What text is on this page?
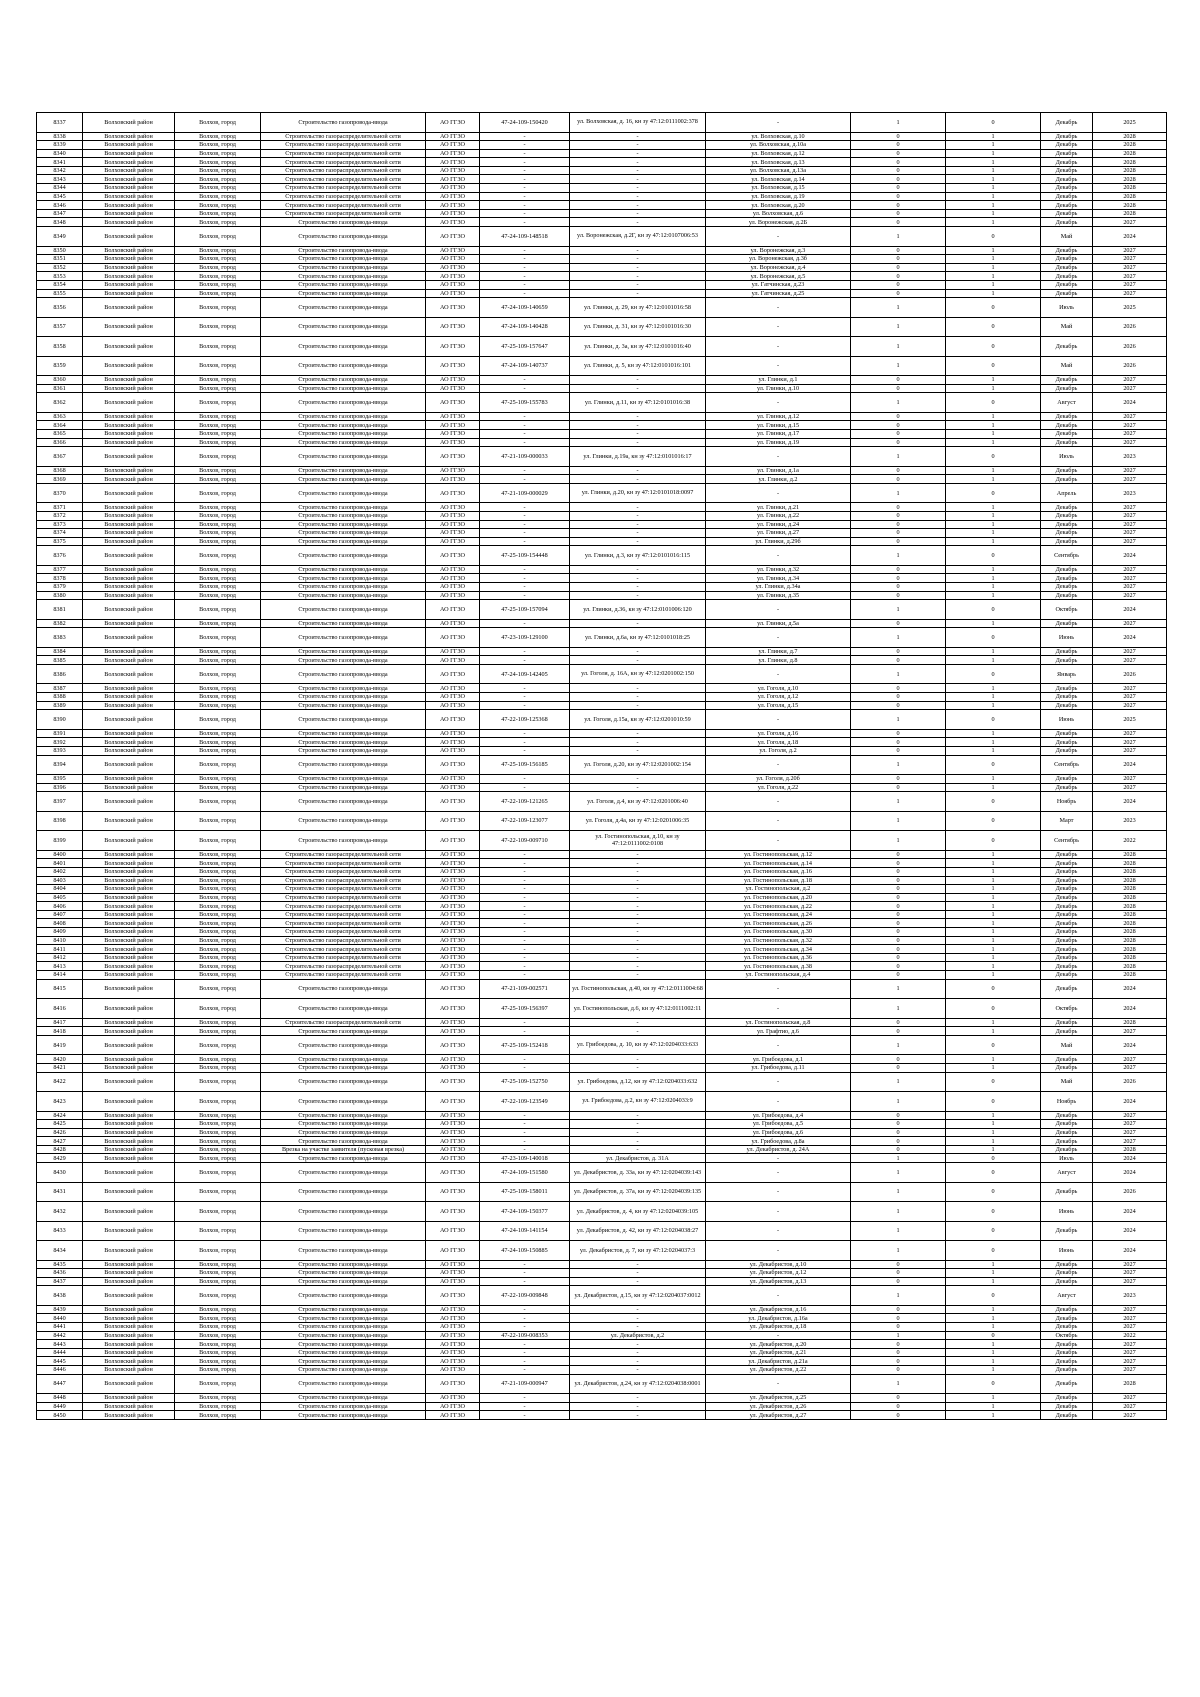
8337	Волховский район	Волхов, город	Строительство газопровода-ввода	АО ГГЗО	47-24-109-150420	ул. Волховская, д. 16, кн зу 47:12:0111002:378	-	1	0	Декабрь	2025
8338	Волховский район	Волхов, город	Строительство газораспределительной сети	АО ГГЗО	-	-	ул. Волховская, д.10	0	1	Декабрь	2028
8339	Волховский район	Волхов, город	Строительство газораспределительной сети	АО ГГЗО	-	-	ул. Волховская, д.10а	0	1	Декабрь	2028
8340	Волховский район	Волхов, город	Строительство газораспределительной сети	АО ГГЗО	-	-	ул. Волховская, д.12	0	1	Декабрь	2028
8341	Волховский район	Волхов, город	Строительство газораспределительной сети	АО ГГЗО	-	-	ул. Волховская, д.13	0	1	Декабрь	2028
8342	Волховский район	Волхов, город	Строительство газораспределительной сети	АО ГГЗО	-	-	ул. Волховская, д.13а	0	1	Декабрь	2028
8343	Волховский район	Волхов, город	Строительство газораспределительной сети	АО ГГЗО	-	-	ул. Волховская, д.14	0	1	Декабрь	2028
8344	Волховский район	Волхов, город	Строительство газораспределительной сети	АО ГГЗО	-	-	ул. Волховская, д.15	0	1	Декабрь	2028
8345	Волховский район	Волхов, город	Строительство газораспределительной сети	АО ГГЗО	-	-	ул. Волховская, д.19	0	1	Декабрь	2028
8346	Волховский район	Волхов, город	Строительство газораспределительной сети	АО ГГЗО	-	-	ул. Волховская, д.20	0	1	Декабрь	2028
8347	Волховский район	Волхов, город	Строительство газораспределительной сети	АО ГГЗО	-	-	ул. Волховская, д.6	0	1	Декабрь	2028
8348	Волховский район	Волхов, город	Строительство газопровода-ввода	АО ГГЗО	-	-	ул. Воронежская, д.2Б	0	1	Декабрь	2027
8349	Волховский район	Волхов, город	Строительство газопровода-ввода	АО ГГЗО	47-24-109-148518	ул. Воронежская, д.2Г, кн зу 47:12:0107006:53	-	1	0	Май	2024
8350	Волховский район	Волхов, город	Строительство газопровода-ввода	АО ГГЗО	-	-	ул. Воронежская, д.3	0	1	Декабрь	2027
8351	Волховский район	Волхов, город	Строительство газопровода-ввода	АО ГГЗО	-	-	ул. Воронежская, д.3б	0	1	Декабрь	2027
8352	Волховский район	Волхов, город	Строительство газопровода-ввода	АО ГГЗО	-	-	ул. Воронежская, д.4	0	1	Декабрь	2027
8353	Волховский район	Волхов, город	Строительство газопровода-ввода	АО ГГЗО	-	-	ул. Воронежская, д.5	0	1	Декабрь	2027
8354	Волховский район	Волхов, город	Строительство газопровода-ввода	АО ГГЗО	-	-	ул. Гатчинская, д.23	0	1	Декабрь	2027
8355	Волховский район	Волхов, город	Строительство газопровода-ввода	АО ГГЗО	-	-	ул. Гатчинская, д.25	0	1	Декабрь	2027
8356	Волховский район	Волхов, город	Строительство газопровода-ввода	АО ГГЗО	47-24-109-140659	ул. Глинки, д. 29, кн зу 47:12:0101016:58	-	1	0	Июль	2025
8357	Волховский район	Волхов, город	Строительство газопровода-ввода	АО ГГЗО	47-24-109-140428	ул. Глинки, д. 31, кн зу 47:12:0101016:30	-	1	0	Май	2026
8358	Волховский район	Волхов, город	Строительство газопровода-ввода	АО ГГЗО	47-25-109-157647	ул. Глинки, д. 3а, кн зу 47:12:0101016:40	-	1	0	Декабрь	2026
8359	Волховский район	Волхов, город	Строительство газопровода-ввода	АО ГГЗО	47-24-109-140737	ул. Глинки, д. 5, кн зу 47:12:0101016:101	-	1	0	Май	2026
8360	Волховский район	Волхов, город	Строительство газопровода-ввода	АО ГГЗО	-	-	ул. Глинки, д.1	0	1	Декабрь	2027
8361	Волховский район	Волхов, город	Строительство газопровода-ввода	АО ГГЗО	-	-	ул. Глинки, д.10	0	1	Декабрь	2027
8362	Волховский район	Волхов, город	Строительство газопровода-ввода	АО ГГЗО	47-25-109-155783	ул. Глинки, д.11, кн зу 47:12:0101016:38	-	1	0	Август	2024
8363	Волховский район	Волхов, город	Строительство газопровода-ввода	АО ГГЗО	-	-	ул. Глинки, д.12	0	1	Декабрь	2027
8364	Волховский район	Волхов, город	Строительство газопровода-ввода	АО ГГЗО	-	-	ул. Глинки, д.15	0	1	Декабрь	2027
8365	Волховский район	Волхов, город	Строительство газопровода-ввода	АО ГГЗО	-	-	ул. Глинки, д.17	0	1	Декабрь	2027
8366	Волховский район	Волхов, город	Строительство газопровода-ввода	АО ГГЗО	-	-	ул. Глинки, д.19	0	1	Декабрь	2027
8367	Волховский район	Волхов, город	Строительство газопровода-ввода	АО ГГЗО	47-21-109-000033	ул. Глинки, д.19а, кн зу 47:12:0101016:17	-	1	0	Июль	2023
8368	Волховский район	Волхов, город	Строительство газопровода-ввода	АО ГГЗО	-	-	ул. Глинки, д.1а	0	1	Декабрь	2027
8369	Волховский район	Волхов, город	Строительство газопровода-ввода	АО ГГЗО	-	-	ул. Глинки, д.2	0	1	Декабрь	2027
8370	Волховский район	Волхов, город	Строительство газопровода-ввода	АО ГГЗО	47-21-109-000029	ул. Глинки, д.20, кн зу 47:12:0101018:0097	-	1	0	Апрель	2023
8371	Волховский район	Волхов, город	Строительство газопровода-ввода	АО ГГЗО	-	-	ул. Глинки, д.21	0	1	Декабрь	2027
8372	Волховский район	Волхов, город	Строительство газопровода-ввода	АО ГГЗО	-	-	ул. Глинки, д.22	0	1	Декабрь	2027
8373	Волховский район	Волхов, город	Строительство газопровода-ввода	АО ГГЗО	-	-	ул. Глинки, д.24	0	1	Декабрь	2027
8374	Волховский район	Волхов, город	Строительство газопровода-ввода	АО ГГЗО	-	-	ул. Глинки, д.27	0	1	Декабрь	2027
8375	Волховский район	Волхов, город	Строительство газопровода-ввода	АО ГГЗО	-	-	ул. Глинки, д.29б	0	1	Декабрь	2027
8376	Волховский район	Волхов, город	Строительство газопровода-ввода	АО ГГЗО	47-25-109-154448	ул. Глинки, д.3, кн зу 47:12:0101016:115	-	1	0	Сентябрь	2024
8377	Волховский район	Волхов, город	Строительство газопровода-ввода	АО ГГЗО	-	-	ул. Глинки, д.32	0	1	Декабрь	2027
8378	Волховский район	Волхов, город	Строительство газопровода-ввода	АО ГГЗО	-	-	ул. Глинки, д.34	0	1	Декабрь	2027
8379	Волховский район	Волхов, город	Строительство газопровода-ввода	АО ГГЗО	-	-	ул. Глинки, д.34а	0	1	Декабрь	2027
8380	Волховский район	Волхов, город	Строительство газопровода-ввода	АО ГГЗО	-	-	ул. Глинки, д.35	0	1	Декабрь	2027
8381	Волховский район	Волхов, город	Строительство газопровода-ввода	АО ГГЗО	47-25-109-157094	ул. Глинки, д.36, кн зу 47:12:0101006:120	-	1	0	Октябрь	2024
8382	Волховский район	Волхов, город	Строительство газопровода-ввода	АО ГГЗО	-	-	ул. Глинки, д.5а	0	1	Декабрь	2027
8383	Волховский район	Волхов, город	Строительство газопровода-ввода	АО ГГЗО	47-23-109-129100	ул. Глинки, д.6а, кн зу 47:12:0101018:25	-	1	0	Июнь	2024
8384	Волховский район	Волхов, город	Строительство газопровода-ввода	АО ГГЗО	-	-	ул. Глинки, д.7	0	1	Декабрь	2027
8385	Волховский район	Волхов, город	Строительство газопровода-ввода	АО ГГЗО	-	-	ул. Глинки, д.8	0	1	Декабрь	2027
8386	Волховский район	Волхов, город	Строительство газопровода-ввода	АО ГГЗО	47-24-109-142405	ул. Гоголя, д. 16А, кн зу 47:12:0201002:150	-	1	0	Январь	2026
8387	Волховский район	Волхов, город	Строительство газопровода-ввода	АО ГГЗО	-	-	ул. Гоголя, д.10	0	1	Декабрь	2027
8388	Волховский район	Волхов, город	Строительство газопровода-ввода	АО ГГЗО	-	-	ул. Гоголя, д.12	0	1	Декабрь	2027
8389	Волховский район	Волхов, город	Строительство газопровода-ввода	АО ГГЗО	-	-	ул. Гоголя, д.15	0	1	Декабрь	2027
8390	Волховский район	Волхов, город	Строительство газопровода-ввода	АО ГГЗО	47-22-109-125368	ул. Гоголя, д.15а, кн зу 47:12:0201010:59	-	1	0	Июнь	2025
8391	Волховский район	Волхов, город	Строительство газопровода-ввода	АО ГГЗО	-	-	ул. Гоголя, д.16	0	1	Декабрь	2027
8392	Волховский район	Волхов, город	Строительство газопровода-ввода	АО ГГЗО	-	-	ул. Гоголя, д.18	0	1	Декабрь	2027
8393	Волховский район	Волхов, город	Строительство газопровода-ввода	АО ГГЗО	-	-	ул. Гоголя, д.2	0	1	Декабрь	2027
8394	Волховский район	Волхов, город	Строительство газопровода-ввода	АО ГГЗО	47-25-109-156185	ул. Гоголя, д.20, кн зу 47:12:0201002:154	-	1	0	Сентябрь	2024
8395	Волховский район	Волхов, город	Строительство газопровода-ввода	АО ГГЗО	-	-	ул. Гоголя, д.20б	0	1	Декабрь	2027
8396	Волховский район	Волхов, город	Строительство газопровода-ввода	АО ГГЗО	-	-	ул. Гоголя, д.22	0	1	Декабрь	2027
8397	Волховский район	Волхов, город	Строительство газопровода-ввода	АО ГГЗО	47-22-109-121265	ул. Гоголя, д.4, кн зу 47:12:0201006:40	-	1	0	Ноябрь	2024
8398	Волховский район	Волхов, город	Строительство газопровода-ввода	АО ГГЗО	47-22-109-123077	ул. Гоголя, д.4а, кн зу 47:12:0201006:35	-	1	0	Март	2023
8399	Волховский район	Волхов, город	Строительство газопровода-ввода	АО ГГЗО	47-22-109-009710	ул. Гостинопольская, д.10, кн зу 47:12:0111002:0108	-	1	0	Сентябрь	2022
8400	Волховский район	Волхов, город	Строительство газораспределительной сети	АО ГГЗО	-	-	ул. Гостинопольская, д.12	0	1	Декабрь	2028
8401	Волховский район	Волхов, город	Строительство газораспределительной сети	АО ГГЗО	-	-	ул. Гостинопольская, д.14	0	1	Декабрь	2028
8402	Волховский район	Волхов, город	Строительство газораспределительной сети	АО ГГЗО	-	-	ул. Гостинопольская, д.16	0	1	Декабрь	2028
8403	Волховский район	Волхов, город	Строительство газораспределительной сети	АО ГГЗО	-	-	ул. Гостинопольская, д.18	0	1	Декабрь	2028
8404	Волховский район	Волхов, город	Строительство газораспределительной сети	АО ГГЗО	-	-	ул. Гостинопольская, д.2	0	1	Декабрь	2028
8405	Волховский район	Волхов, город	Строительство газораспределительной сети	АО ГГЗО	-	-	ул. Гостинопольская, д.20	0	1	Декабрь	2028
8406	Волховский район	Волхов, город	Строительство газораспределительной сети	АО ГГЗО	-	-	ул. Гостинопольская, д.22	0	1	Декабрь	2028
8407	Волховский район	Волхов, город	Строительство газораспределительной сети	АО ГГЗО	-	-	ул. Гостинопольская, д.24	0	1	Декабрь	2028
8408	Волховский район	Волхов, город	Строительство газораспределительной сети	АО ГГЗО	-	-	ул. Гостинопольская, д.26	0	1	Декабрь	2028
8409	Волховский район	Волхов, город	Строительство газораспределительной сети	АО ГГЗО	-	-	ул. Гостинопольская, д.30	0	1	Декабрь	2028
8410	Волховский район	Волхов, город	Строительство газораспределительной сети	АО ГГЗО	-	-	ул. Гостинопольская, д.32	0	1	Декабрь	2028
8411	Волховский район	Волхов, город	Строительство газораспределительной сети	АО ГГЗО	-	-	ул. Гостинопольская, д.34	0	1	Декабрь	2028
8412	Волховский район	Волхов, город	Строительство газораспределительной сети	АО ГГЗО	-	-	ул. Гостинопольская, д.36	0	1	Декабрь	2028
8413	Волховский район	Волхов, город	Строительство газораспределительной сети	АО ГГЗО	-	-	ул. Гостинопольская, д.38	0	1	Декабрь	2028
8414	Волховский район	Волхов, город	Строительство газораспределительной сети	АО ГГЗО	-	-	ул. Гостинопольская, д.4	0	1	Декабрь	2028
8415	Волховский район	Волхов, город	Строительство газопровода-ввода	АО ГГЗО	47-21-109-002571	ул. Гостинопольская, д.40, кн зу 47:12:0111004:68	-	1	0	Декабрь	2024
8416	Волховский район	Волхов, город	Строительство газопровода-ввода	АО ГГЗО	47-25-109-156397	ул. Гостинопольская, д.6, кн зу 47:12:0111002:11	-	1	0	Октябрь	2024
8417	Волховский район	Волхов, город	Строительство газораспределительной сети	АО ГГЗО	-	-	ул. Гостинопольская, д.8	0	1	Декабрь	2028
8418	Волховский район	Волхов, город	Строительство газопровода-ввода	АО ГГЗО	-	-	ул. Графтио, д.6	0	1	Декабрь	2027
8419	Волховский район	Волхов, город	Строительство газопровода-ввода	АО ГГЗО	47-25-109-152418	ул. Грибоедова, д. 10, кн зу 47:12:0204033:633	-	1	0	Май	2024
8420	Волховский район	Волхов, город	Строительство газопровода-ввода	АО ГГЗО	-	-	ул. Грибоедова, д.1	0	1	Декабрь	2027
8421	Волховский район	Волхов, город	Строительство газопровода-ввода	АО ГГЗО	-	-	ул. Грибоедова, д.11	0	1	Декабрь	2027
8422	Волховский район	Волхов, город	Строительство газопровода-ввода	АО ГГЗО	47-25-109-152750	ул. Грибоедова, д.12, кн зу 47:12:0204033:632	-	1	0	Май	2026
8423	Волховский район	Волхов, город	Строительство газопровода-ввода	АО ГГЗО	47-22-109-123549	ул. Грибоедова, д.2, кн зу 47:12:0204033:9	-	1	0	Ноябрь	2024
8424	Волховский район	Волхов, город	Строительство газопровода-ввода	АО ГГЗО	-	-	ул. Грибоедова, д.4	0	1	Декабрь	2027
8425	Волховский район	Волхов, город	Строительство газопровода-ввода	АО ГГЗО	-	-	ул. Грибоедова, д.5	0	1	Декабрь	2027
8426	Волховский район	Волхов, город	Строительство газопровода-ввода	АО ГГЗО	-	-	ул. Грибоедова, д.6	0	1	Декабрь	2027
8427	Волховский район	Волхов, город	Строительство газопровода-ввода	АО ГГЗО	-	-	ул. Грибоедова, д.8а	0	1	Декабрь	2027
8428	Волховский район	Волхов, город	Врезка на участке заявителя (пусковая врезка)	АО ГГЗО	-	-	ул. Декабристов, д. 24А	0	1	Декабрь	2028
8429	Волховский район	Волхов, город	Строительство газопровода-ввода	АО ГГЗО	47-23-109-140018	ул. Декабристов, д. 31А	-	1	0	Июль	2024
8430	Волховский район	Волхов, город	Строительство газопровода-ввода	АО ГГЗО	47-24-109-151580	ул. Декабристов, д. 33а, кн зу 47:12:0204039:143	-	1	0	Август	2024
8431	Волховский район	Волхов, город	Строительство газопровода-ввода	АО ГГЗО	47-25-109-158011	ул. Декабристов, д. 37а, кн зу 47:12:0204039:135	-	1	0	Декабрь	2026
8432	Волховский район	Волхов, город	Строительство газопровода-ввода	АО ГГЗО	47-24-109-150377	ул. Декабристов, д. 4, кн зу 47:12:0204039:105	-	1	0	Июнь	2024
8433	Волховский район	Волхов, город	Строительство газопровода-ввода	АО ГГЗО	47-24-109-141154	ул. Декабристов, д. 42, кн зу 47:12:0204038:27	-	1	0	Декабрь	2024
8434	Волховский район	Волхов, город	Строительство газопровода-ввода	АО ГГЗО	47-24-109-150885	ул. Декабристов, д. 7, кн зу 47:12:0204037:3	-	1	0	Июнь	2024
8435	Волховский район	Волхов, город	Строительство газопровода-ввода	АО ГГЗО	-	-	ул. Декабристов, д.10	0	1	Декабрь	2027
8436	Волховский район	Волхов, город	Строительство газопровода-ввода	АО ГГЗО	-	-	ул. Декабристов, д.12	0	1	Декабрь	2027
8437	Волховский район	Волхов, город	Строительство газопровода-ввода	АО ГГЗО	-	-	ул. Декабристов, д.13	0	1	Декабрь	2027
8438	Волховский район	Волхов, город	Строительство газопровода-ввода	АО ГГЗО	47-22-109-009848	ул. Декабристов, д.15, кн зу 47:12:0204037:0012	-	1	0	Август	2023
8439	Волховский район	Волхов, город	Строительство газопровода-ввода	АО ГГЗО	-	-	ул. Декабристов, д.16	0	1	Декабрь	2027
8440	Волховский район	Волхов, город	Строительство газопровода-ввода	АО ГГЗО	-	-	ул. Декабристов, д.16а	0	1	Декабрь	2027
8441	Волховский район	Волхов, город	Строительство газопровода-ввода	АО ГГЗО	-	-	ул. Декабристов, д.18	0	1	Декабрь	2027
8442	Волховский район	Волхов, город	Строительство газопровода-ввода	АО ГГЗО	47-22-109-008353	ул. Декабристов, д.2	-	1	0	Октябрь	2022
8443	Волховский район	Волхов, город	Строительство газопровода-ввода	АО ГГЗО	-	-	ул. Декабристов, д.20	0	1	Декабрь	2027
8444	Волховский район	Волхов, город	Строительство газопровода-ввода	АО ГГЗО	-	-	ул. Декабристов, д.21	0	1	Декабрь	2027
8445	Волховский район	Волхов, город	Строительство газопровода-ввода	АО ГГЗО	-	-	ул. Декабристов, д.21а	0	1	Декабрь	2027
8446	Волховский район	Волхов, город	Строительство газопровода-ввода	АО ГГЗО	-	-	ул. Декабристов, д.22	0	1	Декабрь	2027
8447	Волховский район	Волхов, город	Строительство газопровода-ввода	АО ГГЗО	47-21-109-000947	ул. Декабристов, д.24, кн зу 47:12:0204038:0001	-	1	0	Декабрь	2028
8448	Волховский район	Волхов, город	Строительство газопровода-ввода	АО ГГЗО	-	-	ул. Декабристов, д.25	0	1	Декабрь	2027
8449	Волховский район	Волхов, город	Строительство газопровода-ввода	АО ГГЗО	-	-	ул. Декабристов, д.26	0	1	Декабрь	2027
8450	Волховский район	Волхов, город	Строительство газопровода-ввода	АО ГГЗО	-	-	ул. Декабристов, д.27	0	1	Декабрь	2027
